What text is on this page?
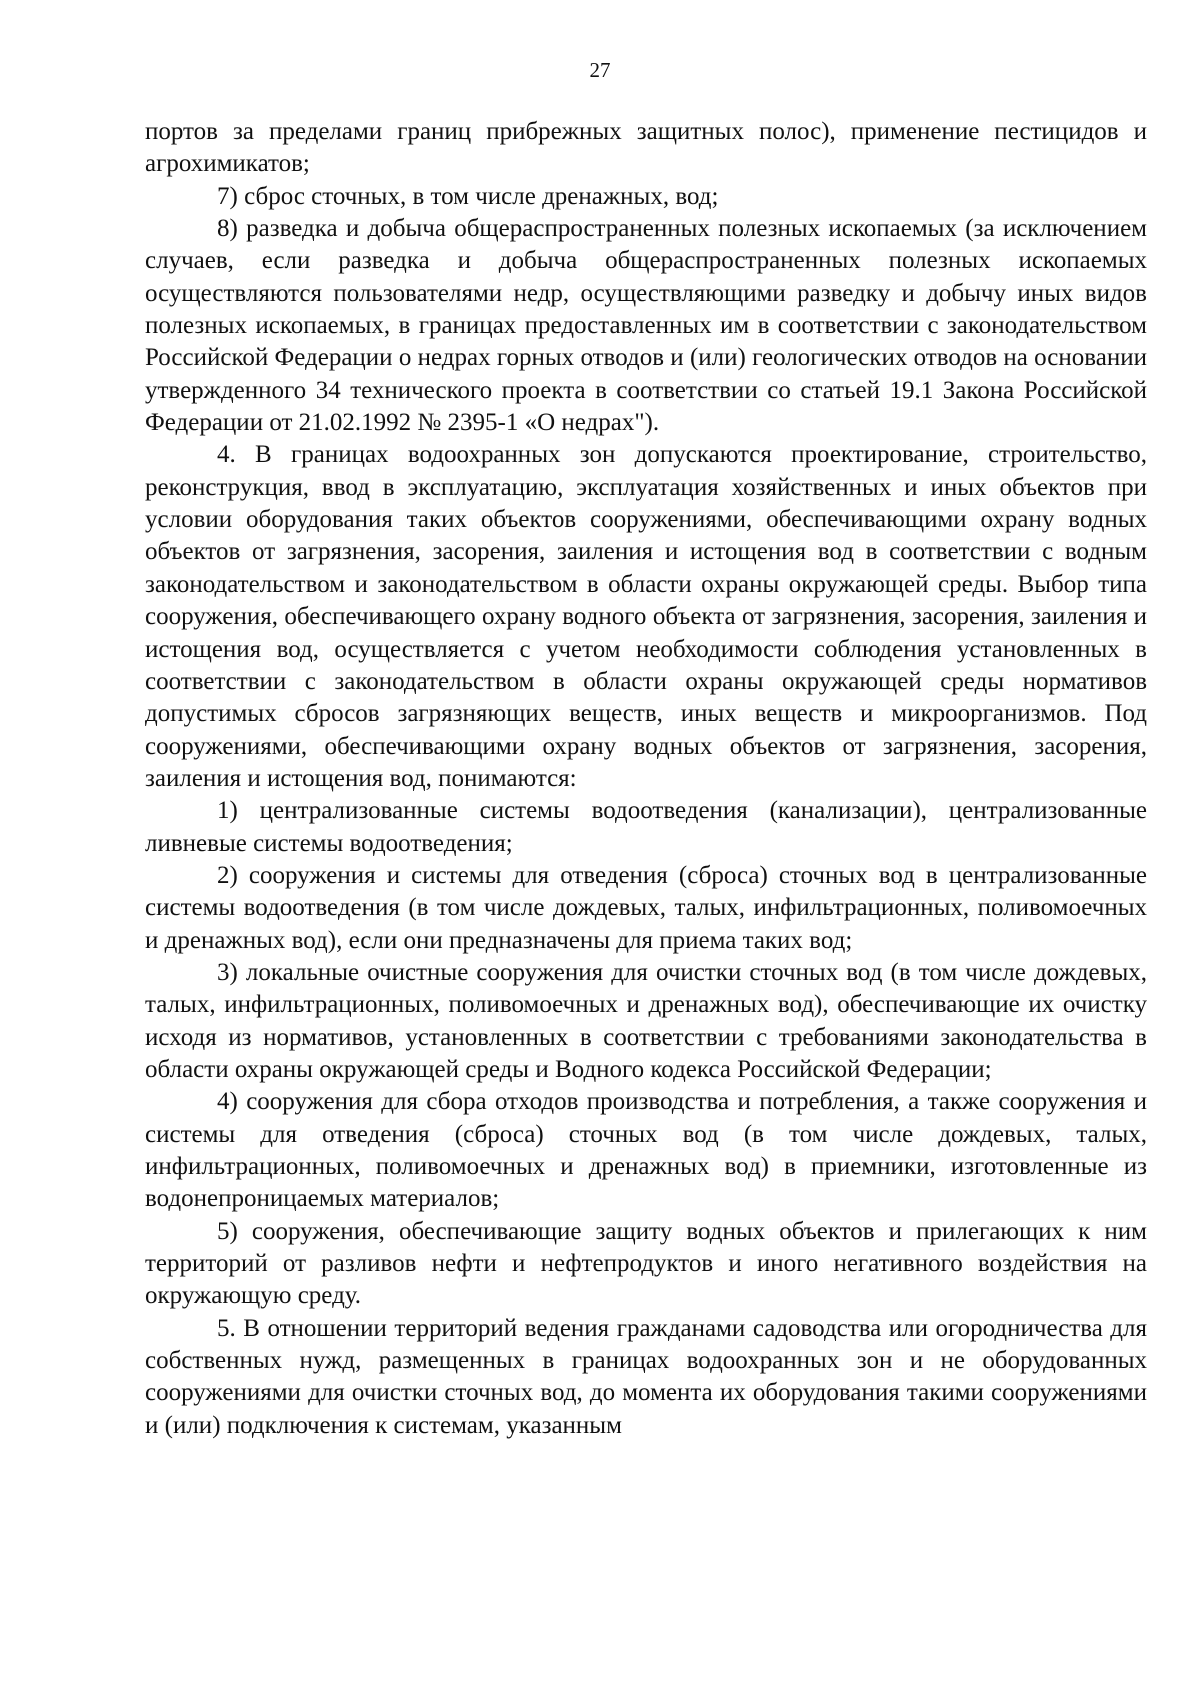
27

портов за пределами границ прибрежных защитных полос), применение пестицидов и агрохимикатов;

7) сброс сточных, в том числе дренажных, вод;

8) разведка и добыча общераспространенных полезных ископаемых (за исключением случаев, если разведка и добыча общераспространенных полезных ископаемых осуществляются пользователями недр, осуществляющими разведку и добычу иных видов полезных ископаемых, в границах предоставленных им в соответствии с законодательством Российской Федерации о недрах горных отводов и (или) геологических отводов на основании утвержденного 34 технического проекта в соответствии со статьей 19.1 Закона Российской Федерации от 21.02.1992 № 2395-1 «О недрах").

4. В границах водоохранных зон допускаются проектирование, строительство, реконструкция, ввод в эксплуатацию, эксплуатация хозяйственных и иных объектов при условии оборудования таких объектов сооружениями, обеспечивающими охрану водных объектов от загрязнения, засорения, заиления и истощения вод в соответствии с водным законодательством и законодательством в области охраны окружающей среды. Выбор типа сооружения, обеспечивающего охрану водного объекта от загрязнения, засорения, заиления и истощения вод, осуществляется с учетом необходимости соблюдения установленных в соответствии с законодательством в области охраны окружающей среды нормативов допустимых сбросов загрязняющих веществ, иных веществ и микроорганизмов. Под сооружениями, обеспечивающими охрану водных объектов от загрязнения, засорения, заиления и истощения вод, понимаются:

1) централизованные системы водоотведения (канализации), централизованные ливневые системы водоотведения;

2) сооружения и системы для отведения (сброса) сточных вод в централизованные системы водоотведения (в том числе дождевых, талых, инфильтрационных, поливомоечных и дренажных вод), если они предназначены для приема таких вод;

3) локальные очистные сооружения для очистки сточных вод (в том числе дождевых, талых, инфильтрационных, поливомоечных и дренажных вод), обеспечивающие их очистку исходя из нормативов, установленных в соответствии с требованиями законодательства в области охраны окружающей среды и Водного кодекса Российской Федерации;

4) сооружения для сбора отходов производства и потребления, а также сооружения и системы для отведения (сброса) сточных вод (в том числе дождевых, талых, инфильтрационных, поливомоечных и дренажных вод) в приемники, изготовленные из водонепроницаемых материалов;

5) сооружения, обеспечивающие защиту водных объектов и прилегающих к ним территорий от разливов нефти и нефтепродуктов и иного негативного воздействия на окружающую среду.

5. В отношении территорий ведения гражданами садоводства или огородничества для собственных нужд, размещенных в границах водоохранных зон и не оборудованных сооружениями для очистки сточных вод, до момента их оборудования такими сооружениями и (или) подключения к системам, указанным
